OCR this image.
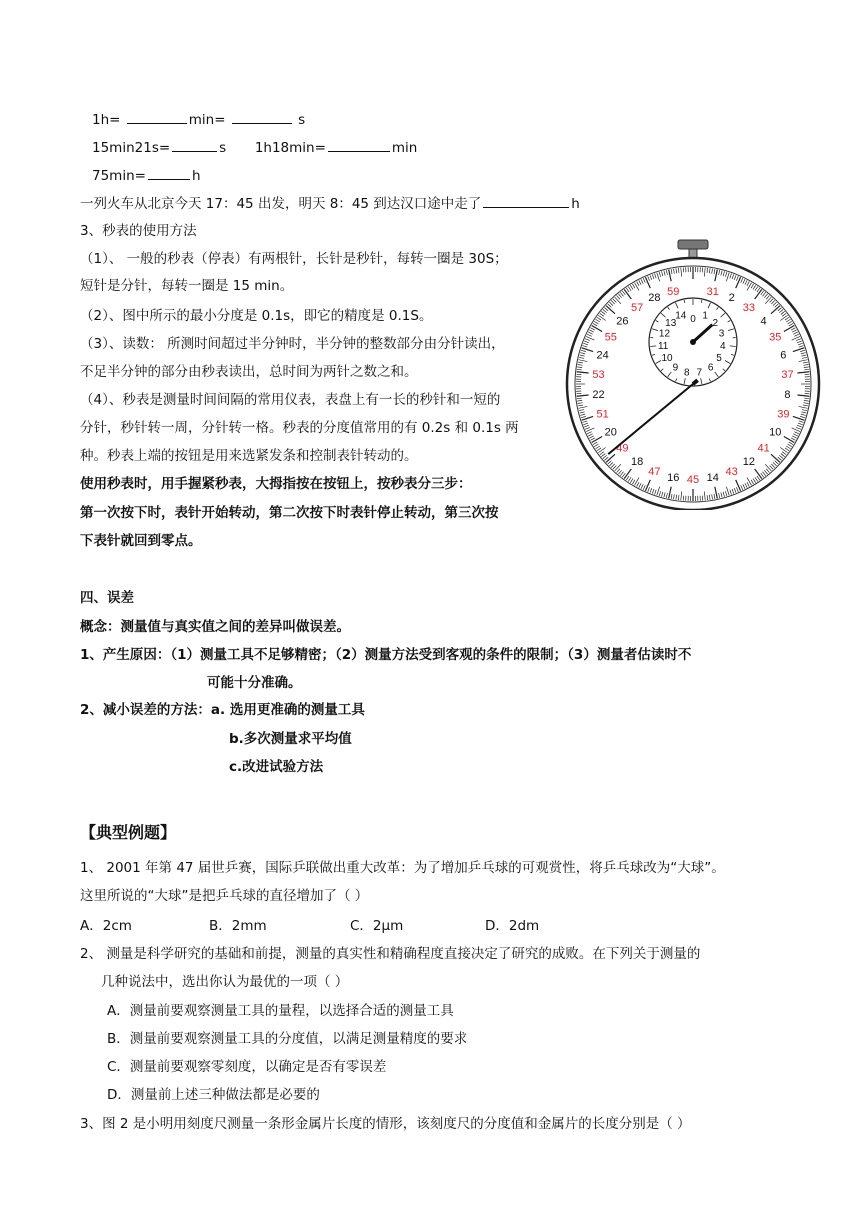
1h=	min=	s
15min21s=	s 1h18min=	min
75min=	h
一列火车从北京今天 17：45 出发，明天 8：45 到达汉口途中走了	h
3、秒表的使用方法
（1）、 一般的秒表（停表）有两根针，长针是秒针，每转一圈是 30S；
短针是分针，每转一圈是 15 min。
（2）、图中所示的最小分度是 0.1s，即它的精度是 0.1S。
（3）、读数： 所测时间超过半分钟时，半分钟的整数部分由分针读出，
不足半分钟的部分由秒表读出，总时间为两针之数之和。
（4）、秒表是测量时间间隔的常用仪表，表盘上有一长的秒针和一短的
分针，秒针转一周，分针转一格。秒表的分度值常用的有 0.2s 和 0.1s 两
种。秒表上端的按钮是用来选紧发条和控制表针转动的。
使用秒表时，用手握紧秒表，大拇指按在按钮上，按秒表分三步：
第一次按下时，表针开始转动，第二次按下时表针停止转动，第三次按
下表针就回到零点。
2
4
6
8
10
12
14
16
18
20
22
24
26
28
31
33
35
37
39
41
43
45
47
49
51
53
55
57
59
14 1
2
3
4
5
6
7
8
9
10
11
12
13 0
四、误差
概念：测量值与真实值之间的差异叫做误差。
1、产生原因：（1）测量工具不足够精密；（2）测量方法受到客观的条件的限制；（3）测量者估读时不
可能十分准确。
2、减小误差的方法：a. 选用更准确的测量工具
b.多次测量求平均值
c.改进试验方法
【典型例题】
1、 2001 年第 47 届世乒赛，国际乒联做出重大改革：为了增加乒乓球的可观赏性，将乒乓球改为“大球”。
这里所说的“大球”是把乒乓球的直径增加了（ ）
A．2cm	B．2mm	C．2μm	D．2dm
2、 测量是科学研究的基础和前提，测量的真实性和精确程度直接决定了研究的成败。在下列关于测量的
几种说法中，选出你认为最优的一项（ ）
A．测量前要观察测量工具的量程，以选择合适的测量工具
B．测量前要观察测量工具的分度值，以满足测量精度的要求
C．测量前要观察零刻度，以确定是否有零误差
D．测量前上述三种做法都是必要的
3、图 2 是小明用刻度尺测量一条形金属片长度的情形，该刻度尺的分度值和金属片的长度分别是（ ）
